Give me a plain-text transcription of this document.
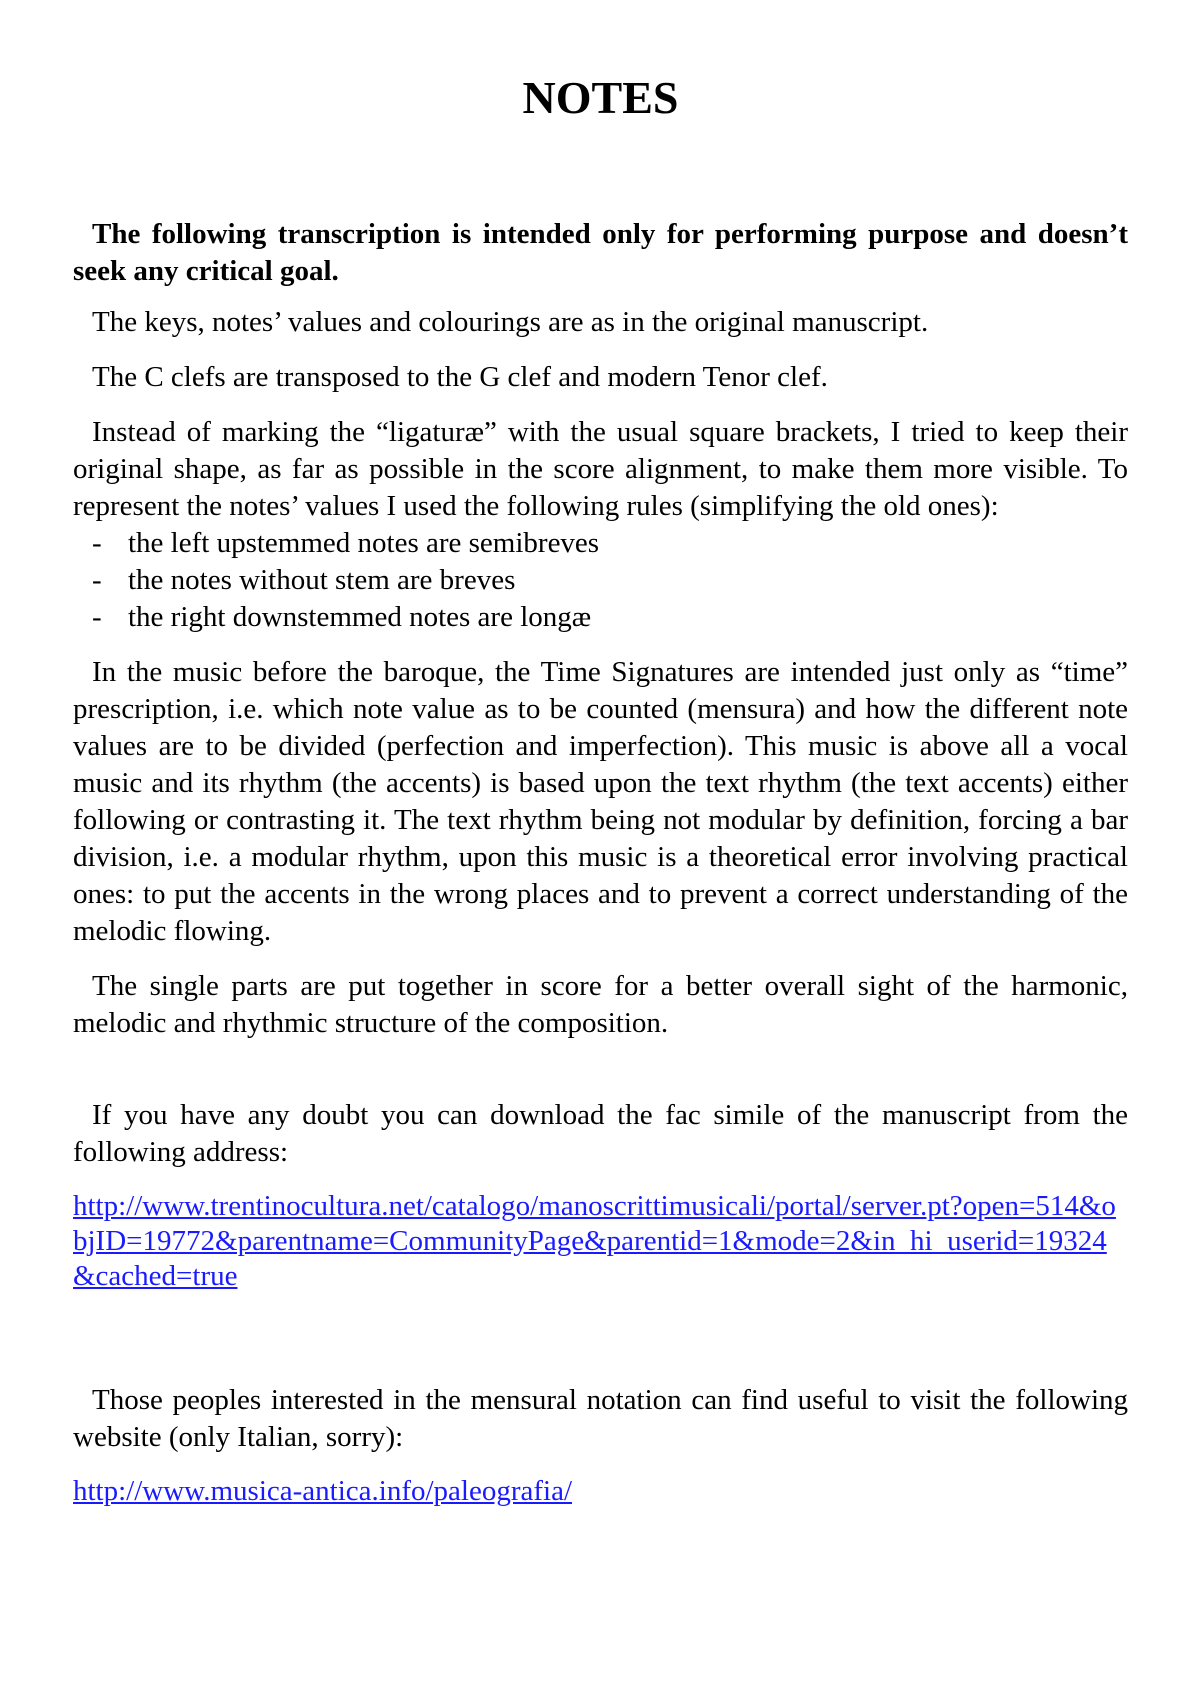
NOTES

The following transcription is intended only for performing purpose and doesn’t seek any critical goal.

The keys, notes’ values and colourings are as in the original manuscript.

The C clefs are transposed to the G clef and modern Tenor clef.

Instead of marking the “ligaturæ” with the usual square brackets, I tried to keep their original shape, as far as possible in the score alignment, to make them more visible. To represent the notes’ values I used the following rules (simplifying the old ones):

- the left upstemmed notes are semibreves
- the notes without stem are breves
- the right downstemmed notes are longæ

In the music before the baroque, the Time Signatures are intended just only as “time” prescription, i.e. which note value as to be counted (mensura) and how the different note values are to be divided (perfection and imperfection). This music is above all a vocal music and its rhythm (the accents) is based upon the text rhythm (the text accents) either following or contrasting it. The text rhythm being not modular by definition, forcing a bar division, i.e. a modular rhythm, upon this music is a theoretical error involving practical ones: to put the accents in the wrong places and to prevent a correct understanding of the melodic flowing.

The single parts are put together in score for a better overall sight of the harmonic, melodic and rhythmic structure of the composition.

If you have any doubt you can download the fac simile of the manuscript from the following address:

http://www.trentinocultura.net/catalogo/manoscrittimusicali/portal/server.pt?open=514&objID=19772&parentname=CommunityPage&parentid=1&mode=2&in_hi_userid=19324&cached=true

Those peoples interested in the mensural notation can find useful to visit the following website (only Italian, sorry):

http://www.musica-antica.info/paleografia/
